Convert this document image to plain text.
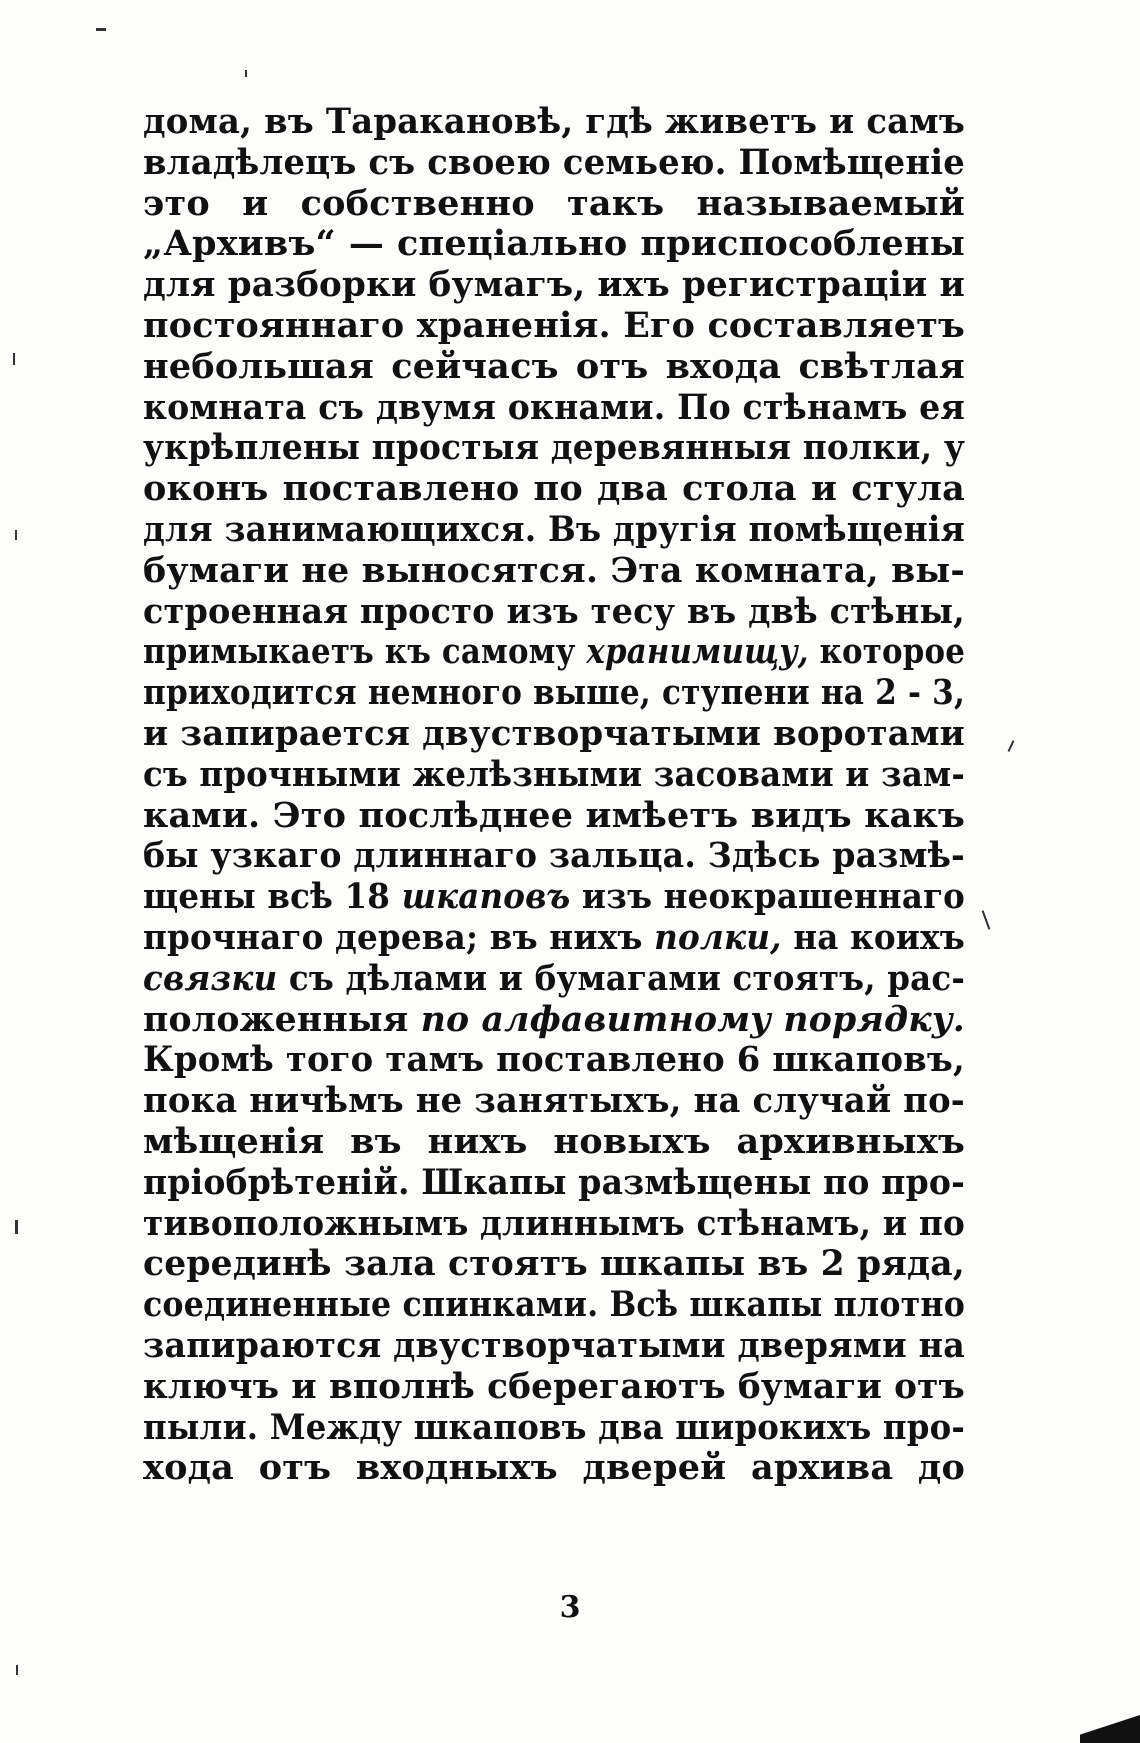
дома, въ Таракановѣ, гдѣ живетъ и самъ
владѣлецъ съ своею семьею. Помѣщеніе
это и собственно такъ называемый
„Архивъ“ — спеціально приспособлены
для разборки бумагъ, ихъ регистраціи и
постояннаго храненія. Его составляетъ
небольшая сейчасъ отъ входа свѣтлая
комната съ двумя окнами. По стѣнамъ ея
укрѣплены простыя деревянныя полки, у
оконъ поставлено по два стола и стула
для занимающихся. Въ другія помѣщенія
бумаги не выносятся. Эта комната, вы-
строенная просто изъ тесу въ двѣ стѣны,
примыкаетъ къ самому хранимищу, которое
приходится немного выше, ступени на 2 - 3,
и запирается двустворчатыми воротами
съ прочными желѣзными засовами и зам-
ками. Это послѣднее имѣетъ видъ какъ
бы узкаго длиннаго зальца. Здѣсь размѣ-
щены всѣ 18 шкаповъ изъ неокрашеннаго
прочнаго дерева; въ нихъ полки, на коихъ
связки съ дѣлами и бумагами стоятъ, рас-
положенныя по алфавитному порядку.
Кромѣ того тамъ поставлено 6 шкаповъ,
пока ничѣмъ не занятыхъ, на случай по-
мѣщенія въ нихъ новыхъ архивныхъ
пріобрѣтеній. Шкапы размѣщены по про-
тивоположнымъ длиннымъ стѣнамъ, и по
серединѣ зала стоятъ шкапы въ 2 ряда,
соединенные спинками. Всѣ шкапы плотно
запираются двустворчатыми дверями на
ключъ и вполнѣ сберегаютъ бумаги отъ
пыли. Между шкаповъ два широкихъ про-
хода отъ входныхъ дверей архива до
3
